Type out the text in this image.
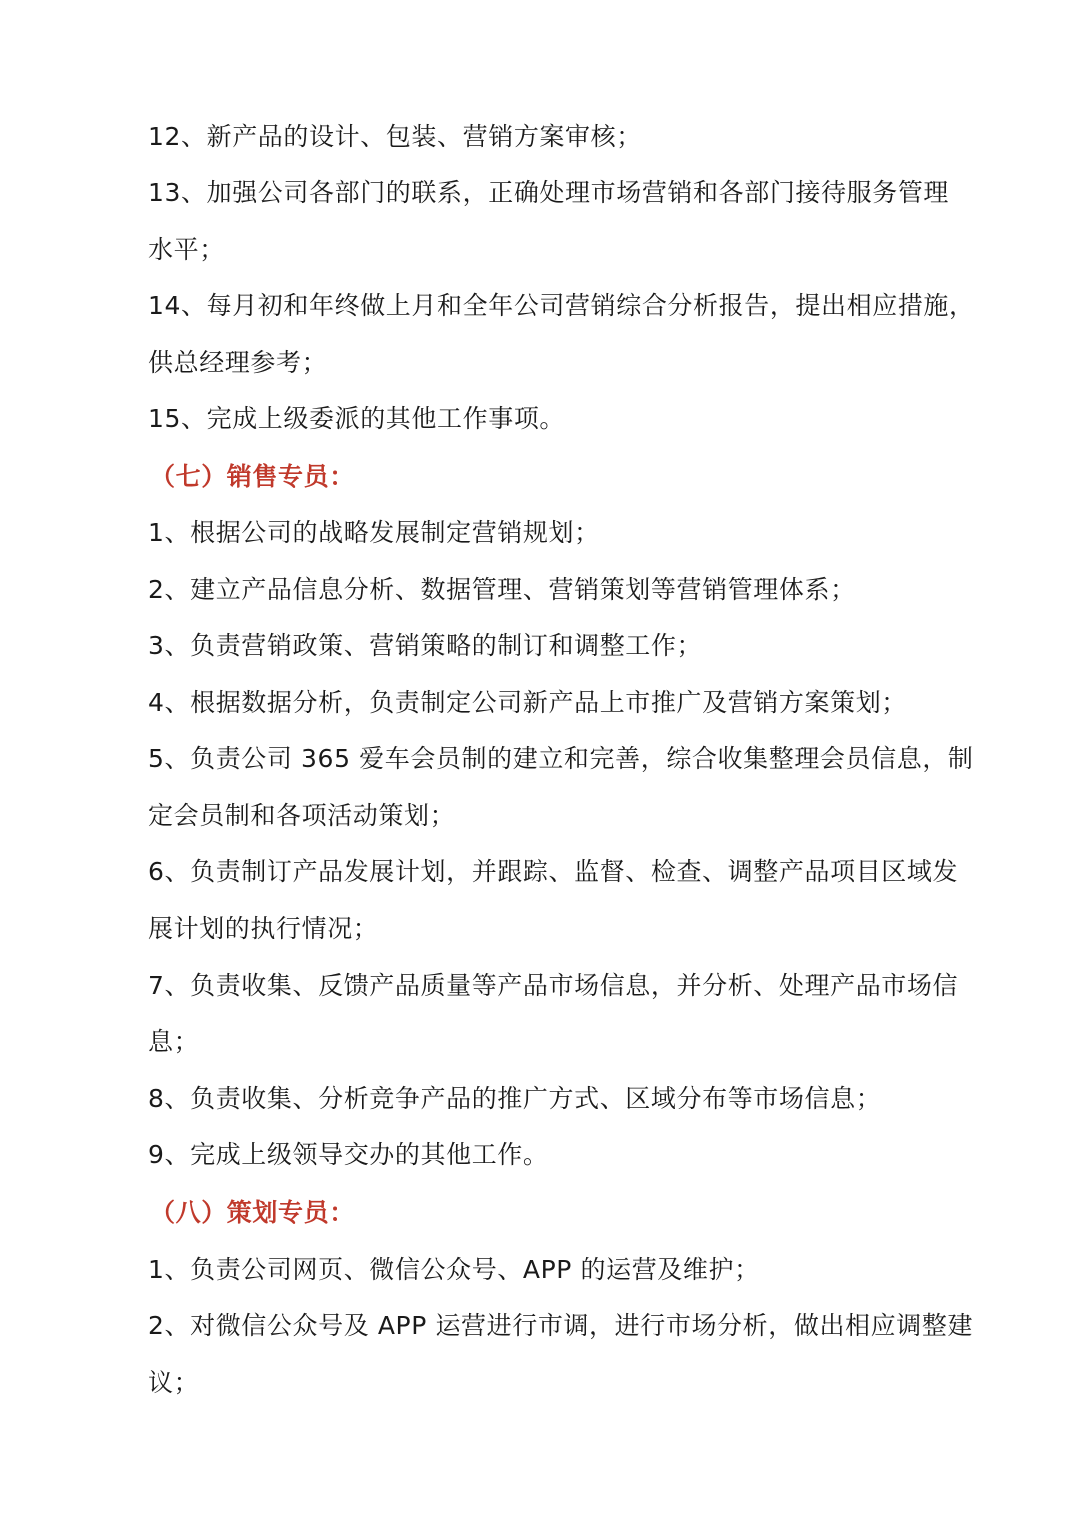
12、新产品的设计、包装、营销方案审核；

13、加强公司各部门的联系，正确处理市场营销和各部门接待服务管理

水平；

14、每月初和年终做上月和全年公司营销综合分析报告，提出相应措施，

供总经理参考；

15、完成上级委派的其他工作事项。

（七）销售专员：

1、根据公司的战略发展制定营销规划；

2、建立产品信息分析、数据管理、营销策划等营销管理体系；

3、负责营销政策、营销策略的制订和调整工作；

4、根据数据分析，负责制定公司新产品上市推广及营销方案策划；

5、负责公司 365 爱车会员制的建立和完善，综合收集整理会员信息，制

定会员制和各项活动策划；

6、负责制订产品发展计划，并跟踪、监督、检查、调整产品项目区域发

展计划的执行情况；

7、负责收集、反馈产品质量等产品市场信息，并分析、处理产品市场信

息；

8、负责收集、分析竞争产品的推广方式、区域分布等市场信息；

9、完成上级领导交办的其他工作。

（八）策划专员：

1、负责公司网页、微信公众号、APP 的运营及维护；

2、对微信公众号及 APP 运营进行市调，进行市场分析，做出相应调整建

议；
